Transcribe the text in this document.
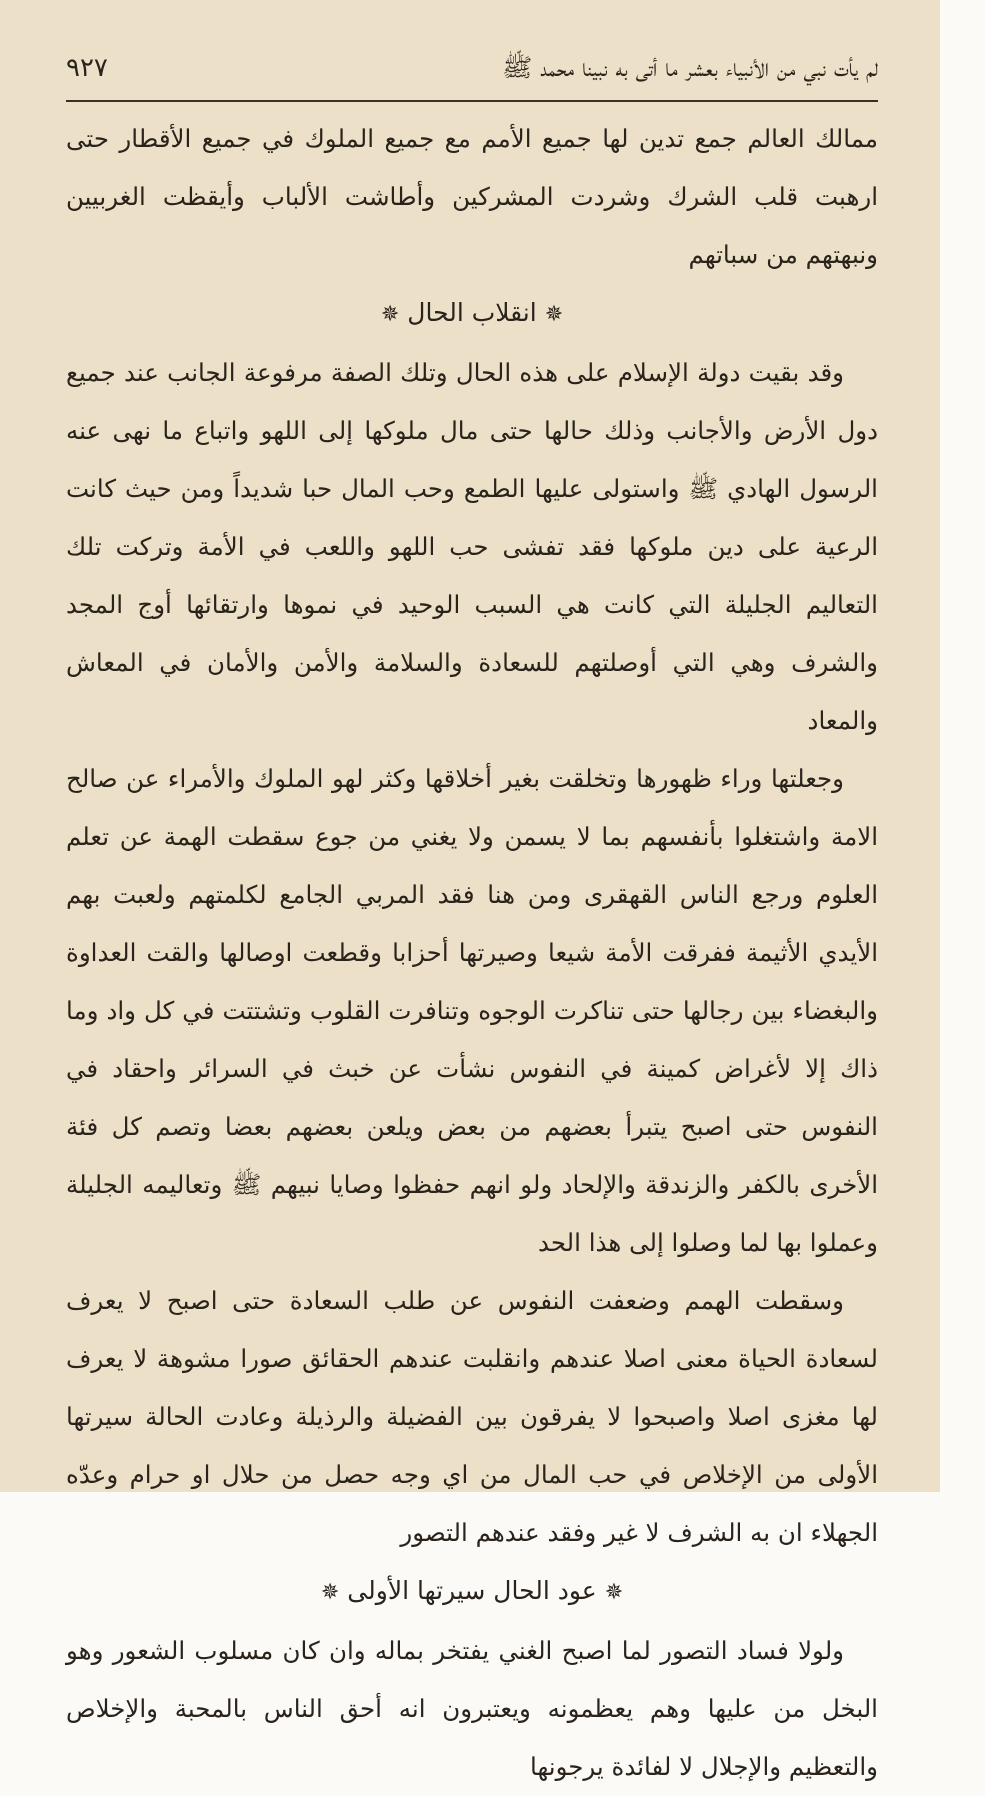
٩٢٧	لم يأت نبي من الأنبياء بعشر ما أتى به نبينا محمد ﷺ

ممالك العالم جمع تدين لها جميع الأمم مع جميع الملوك في جميع الأقطار حتى ارهبت قلب الشرك وشردت المشركين وأطاشت الألباب وأيقظت الغربيين ونبهتهم من سباتهم

✵انقلاب الحال✵

وقد بقيت دولة الإسلام على هذه الحال وتلك الصفة مرفوعة الجانب عند جميع دول الأرض والأجانب وذلك حالها حتى مال ملوكها إلى اللهو واتباع ما نهى عنه الرسول الهادي ﷺ واستولى عليها الطمع وحب المال حبا شديداً ومن حيث كانت الرعية على دين ملوكها فقد تفشى حب اللهو واللعب في الأمة وتركت تلك التعاليم الجليلة التي كانت هي السبب الوحيد في نموها وارتقائها أوج المجد والشرف وهي التي أوصلتهم للسعادة والسلامة والأمن والأمان في المعاش والمعاد

وجعلتها وراء ظهورها وتخلقت بغير أخلاقها وكثر لهو الملوك والأمراء عن صالح الامة واشتغلوا بأنفسهم بما لا يسمن ولا يغني من جوع سقطت الهمة عن تعلم العلوم ورجع الناس القهقرى ومن هنا فقد المربي الجامع لكلمتهم ولعبت بهم الأيدي الأثيمة ففرقت الأمة شيعا وصيرتها أحزابا وقطعت اوصالها والقت العداوة والبغضاء بين رجالها حتى تناكرت الوجوه وتنافرت القلوب وتشتتت في كل واد وما ذاك إلا لأغراض كمينة في النفوس نشأت عن خبث في السرائر واحقاد في النفوس حتى اصبح يتبرأ بعضهم من بعض ويلعن بعضهم بعضا وتصم كل فئة الأخرى بالكفر والزندقة والإلحاد ولو انهم حفظوا وصايا نبيهم ﷺ وتعاليمه الجليلة وعملوا بها لما وصلوا إلى هذا الحد

وسقطت الهمم وضعفت النفوس عن طلب السعادة حتى اصبح لا يعرف لسعادة الحياة معنى اصلا عندهم وانقلبت عندهم الحقائق صورا مشوهة لا يعرف لها مغزى اصلا واصبحوا لا يفرقون بين الفضيلة والرذيلة وعادت الحالة سيرتها الأولى من الإخلاص في حب المال من اي وجه حصل من حلال او حرام وعدّه الجهلاء ان به الشرف لا غير وفقد عندهم التصور

✵عود الحال سيرتها الأولى✵

ولولا فساد التصور لما اصبح الغني يفتخر بماله وان كان مسلوب الشعور وهو البخل من عليها وهم يعظمونه ويعتبرون انه أحق الناس بالمحبة والإخلاص والتعظيم والإجلال لا لفائدة يرجونها
